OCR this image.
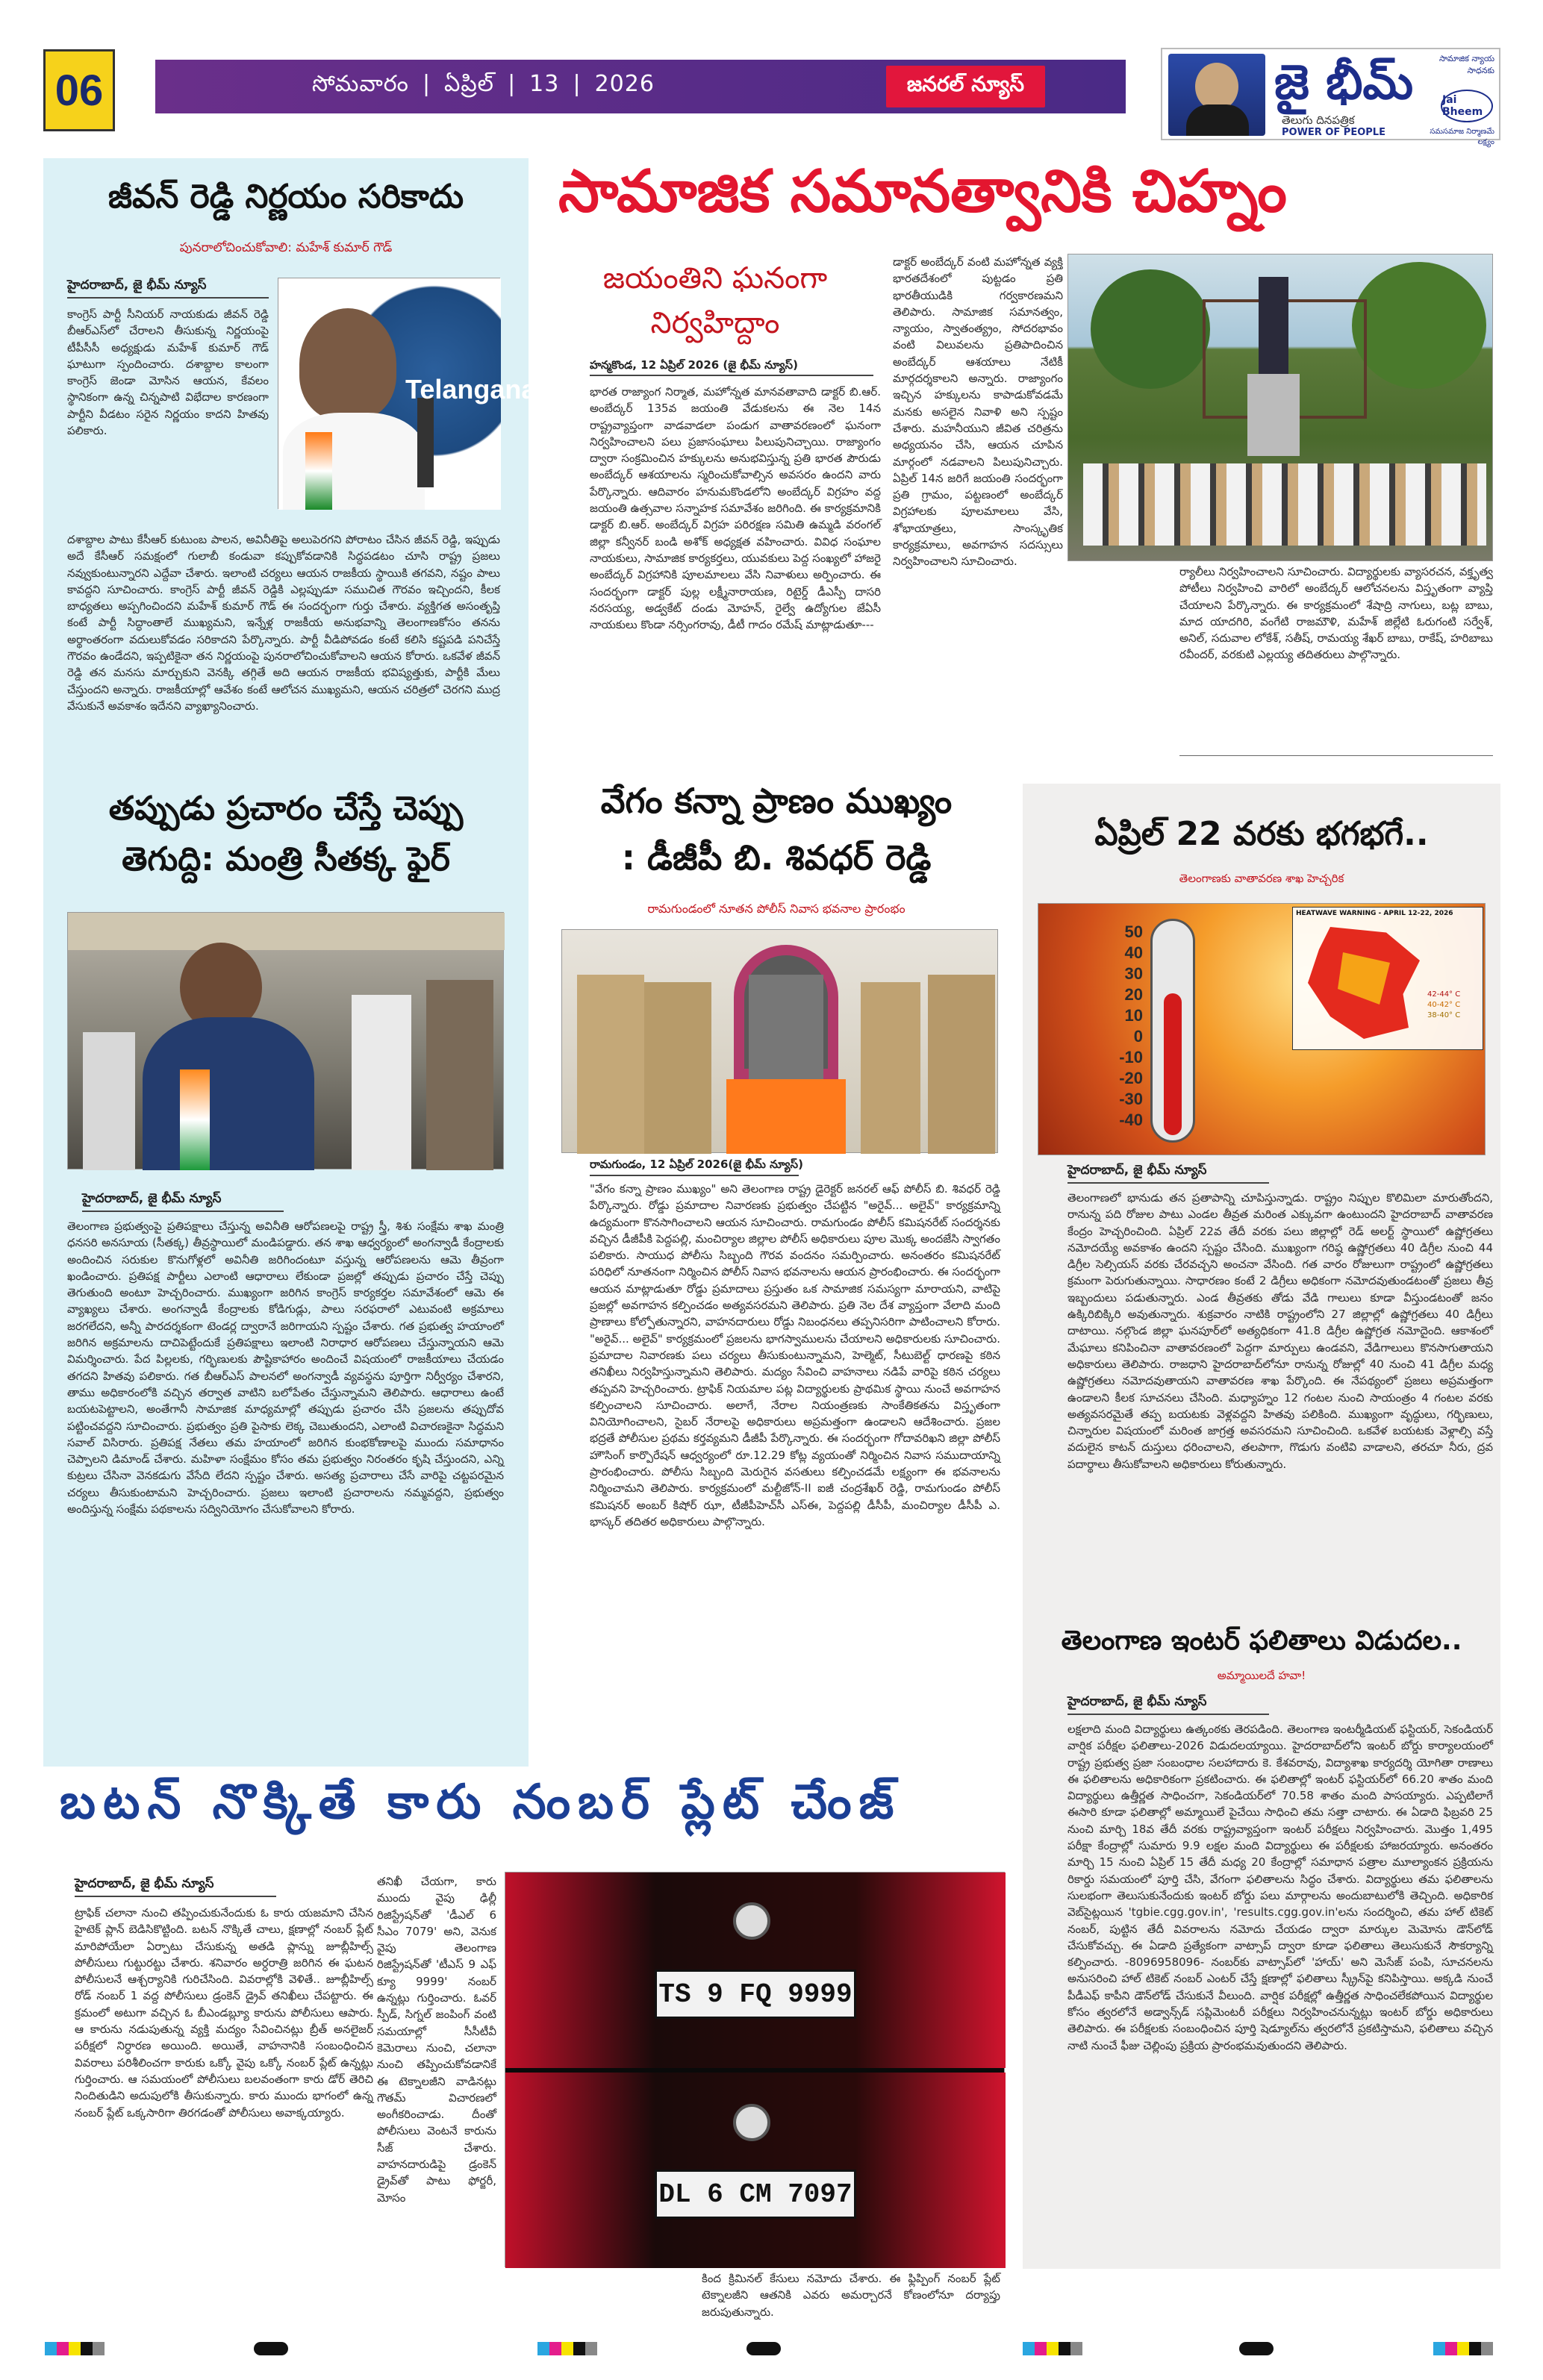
06	సోమవారం ❘ ఏప్రిల్ ❘ 13 ❘ 2026	జనరల్ న్యూస్	జై భీమ్
తెలుగు దినపత్రిక
POWER OF PEOPLE
సామాజిక న్యాయ సాధనకు
Jai Bheem
సమసమాజ నిర్మాణమే లక్ష్యం
జీవన్ రెడ్డి నిర్ణయం సరికాదు
పునరాలోచించుకోవాలి: మహేశ్ కుమార్ గౌడ్
హైదరాబాద్, జై భీమ్ న్యూస్
కాంగ్రెస్ పార్టీ సీనియర్ నాయకుడు జీవన్ రెడ్డి బీఆర్ఎస్‌లో చేరాలని తీసుకున్న నిర్ణయంపై టీపీసీసీ అధ్యక్షుడు మహేశ్ కుమార్ గౌడ్ ఘాటుగా స్పందించారు. దశాబ్దాల కాలంగా కాంగ్రెస్ జెండా మోసిన ఆయన, కేవలం స్థానికంగా ఉన్న చిన్నపాటి విభేదాల కారణంగా పార్టీని వీడటం సరైన నిర్ణయం కాదని హితవు పలికారు.
Telangana
దశాబ్దాల పాటు కేసీఆర్ కుటుంబ పాలన, అవినీతిపై అలుపెరగని పోరాటం చేసిన జీవన్ రెడ్డి, ఇప్పుడు అదే కేసీఆర్ సమక్షంలో గులాబీ కండువా కప్పుకోవడానికి సిద్ధపడటం చూసి రాష్ట్ర ప్రజలు నవ్వుకుంటున్నారని ఎద్దేవా చేశారు. ఇలాంటి చర్యలు ఆయన రాజకీయ స్థాయికి తగవని, నష్టం పాలు కావద్దని సూచించారు. కాంగ్రెస్ పార్టీ జీవన్ రెడ్డికి ఎల్లప్పుడూ సముచిత గౌరవం ఇచ్చిందని, కీలక బాధ్యతలు అప్పగించిందని మహేశ్ కుమార్ గౌడ్ ఈ సందర్భంగా గుర్తు చేశారు. వ్యక్తిగత అసంతృప్తి కంటే పార్టీ సిద్ధాంతాలే ముఖ్యమని, ఇన్నేళ్ల రాజకీయ అనుభవాన్ని తెలంగాణకోసం తనను అర్థాంతరంగా వదులుకోవడం సరికాదని పేర్కొన్నారు. పార్టీ వీడిపోవడం కంటే కలిసి కష్టపడి పనిచేస్తే గౌరవం ఉండేదని, ఇప్పటికైనా తన నిర్ణయంపై పునరాలోచించుకోవాలని ఆయన కోరారు. ఒకవేళ జీవన్ రెడ్డి తన మనసు మార్చుకుని వెనక్కి తగ్గితే అది ఆయన రాజకీయ భవిష్యత్తుకు, పార్టీకి మేలు చేస్తుందని అన్నారు. రాజకీయాల్లో ఆవేశం కంటే ఆలోచన ముఖ్యమని, ఆయన చరిత్రలో చెరగని ముద్ర వేసుకునే అవకాశం ఇదేనని వ్యాఖ్యానించారు.
తప్పుడు ప్రచారం చేస్తే చెప్పు
తెగుద్ది: మంత్రి సీతక్క ఫైర్
హైదరాబాద్, జై భీమ్ న్యూస్
తెలంగాణ ప్రభుత్వంపై ప్రతిపక్షాలు చేస్తున్న అవినీతి ఆరోపణలపై రాష్ట్ర స్త్రీ, శిశు సంక్షేమ శాఖ మంత్రి ధనసరి అనసూయ (సీతక్క) తీవ్రస్థాయిలో మండిపడ్డారు. తన శాఖ ఆధ్వర్యంలో అంగన్వాడీ కేంద్రాలకు అందించిన సరుకుల కొనుగోళ్లలో అవినీతి జరిగిందంటూ వస్తున్న ఆరోపణలను ఆమె తీవ్రంగా ఖండించారు. ప్రతిపక్ష పార్టీలు ఎలాంటి ఆధారాలు లేకుండా ప్రజల్లో తప్పుడు ప్రచారం చేస్తే చెప్పు తెగుతుంది అంటూ హెచ్చరించారు. ముఖ్యంగా జరిగిన కాంగ్రెస్ కార్యకర్తల సమావేశంలో ఆమె ఈ వ్యాఖ్యలు చేశారు. అంగన్వాడీ కేంద్రాలకు కోడిగుడ్లు, పాలు సరఫరాలో ఎటువంటి అక్రమాలు జరగలేదని, అన్నీ పారదర్శకంగా టెండర్ల ద్వారానే జరిగాయని స్పష్టం చేశారు. గత ప్రభుత్వ హయాంలో జరిగిన అక్రమాలను దాచిపెట్టేందుకే ప్రతిపక్షాలు ఇలాంటి నిరాధార ఆరోపణలు చేస్తున్నాయని ఆమె విమర్శించారు. పేద పిల్లలకు, గర్భిణులకు పౌష్టికాహారం అందించే విషయంలో రాజకీయాలు చేయడం తగదని హితవు పలికారు. గత బీఆర్ఎస్ పాలనలో అంగన్వాడీ వ్యవస్థను పూర్తిగా నిర్వీర్యం చేశారని, తాము అధికారంలోకి వచ్చిన తర్వాత వాటిని బలోపేతం చేస్తున్నామని తెలిపారు. ఆధారాలు ఉంటే బయటపెట్టాలని, అంతేగానీ సామాజిక మాధ్యమాల్లో తప్పుడు ప్రచారం చేసి ప్రజలను తప్పుదోవ పట్టించవద్దని సూచించారు. ప్రభుత్వం ప్రతి పైసాకు లెక్క చెబుతుందని, ఎలాంటి విచారణకైనా సిద్ధమని సవాల్ విసిరారు. ప్రతిపక్ష నేతలు తమ హయాంలో జరిగిన కుంభకోణాలపై ముందు సమాధానం చెప్పాలని డిమాండ్ చేశారు. మహిళా సంక్షేమం కోసం తమ ప్రభుత్వం నిరంతరం కృషి చేస్తుందని, ఎన్ని కుట్రలు చేసినా వెనకడుగు వేసేది లేదని స్పష్టం చేశారు. అసత్య ప్రచారాలు చేసే వారిపై చట్టపరమైన చర్యలు తీసుకుంటామని హెచ్చరించారు. ప్రజలు ఇలాంటి ప్రచారాలను నమ్మవద్దని, ప్రభుత్వం అందిస్తున్న సంక్షేమ పథకాలను సద్వినియోగం చేసుకోవాలని కోరారు.
సామాజిక సమానత్వానికి చిహ్నం
జయంతిని ఘనంగా
నిర్వహిద్దాం
హన్మకొండ, 12 ఏప్రిల్ 2026 (జై భీమ్ న్యూస్)
భారత రాజ్యాంగ నిర్మాత, మహోన్నత మానవతావాది డాక్టర్ బి.ఆర్. అంబేద్కర్ 135వ జయంతి వేడుకలను ఈ నెల 14న రాష్ట్రవ్యాప్తంగా వాడవాడలా పండుగ వాతావరణంలో ఘనంగా నిర్వహించాలని పలు ప్రజాసంఘాలు పిలుపునిచ్చాయి. రాజ్యాంగం ద్వారా సంక్రమించిన హక్కులను అనుభవిస్తున్న ప్రతి భారత పౌరుడు అంబేద్కర్ ఆశయాలను స్మరించుకోవాల్సిన అవసరం ఉందని వారు పేర్కొన్నారు. ఆదివారం హనుమకొండలోని అంబేద్కర్ విగ్రహం వద్ద జయంతి ఉత్సవాల సన్నాహక సమావేశం జరిగింది. ఈ కార్యక్రమానికి డాక్టర్ బి.ఆర్. అంబేద్కర్ విగ్రహ పరిరక్షణ సమితి ఉమ్మడి వరంగల్ జిల్లా కన్వీనర్ బండి అశోక్ అధ్యక్షత వహించారు. వివిధ సంఘాల నాయకులు, సామాజిక కార్యకర్తలు, యువకులు పెద్ద సంఖ్యలో హాజరై అంబేద్కర్ విగ్రహానికి పూలమాలలు వేసి నివాళులు అర్పించారు. ఈ సందర్భంగా డాక్టర్ పుల్ల లక్ష్మీనారాయణ, రిటైర్డ్ డీఎస్పీ దాసరి నరసయ్య, అడ్వకేట్ దండు మోహన్, రైల్వే ఉద్యోగుల జేఏసీ నాయకులు కొండా నర్సింగరావు, డీటీ గాదం రమేష్ మాట్లాడుతూ---
డాక్టర్ అంబేద్కర్ వంటి మహోన్నత వ్యక్తి భారతదేశంలో పుట్టడం ప్రతి భారతీయుడికి గర్వకారణమని తెలిపారు. సామాజిక సమానత్వం, న్యాయం, స్వాతంత్య్రం, సోదరభావం వంటి విలువలను ప్రతిపాదించిన అంబేద్కర్ ఆశయాలు నేటికీ మార్గదర్శకాలని అన్నారు. రాజ్యాంగం ఇచ్చిన హక్కులను కాపాడుకోవడమే మనకు అసలైన నివాళి అని స్పష్టం చేశారు. మహనీయుని జీవిత చరిత్రను అధ్యయనం చేసి, ఆయన చూపిన మార్గంలో నడవాలని పిలుపునిచ్చారు. ఏప్రిల్ 14న జరిగే జయంతి సందర్భంగా ప్రతి గ్రామం, పట్టణంలో అంబేద్కర్ విగ్రహాలకు పూలమాలలు వేసి, శోభాయాత్రలు, సాంస్కృతిక కార్యక్రమాలు, అవగాహన సదస్సులు నిర్వహించాలని సూచించారు.
ర్యాలీలు నిర్వహించాలని సూచించారు. విద్యార్థులకు వ్యాసరచన, వక్తృత్వ పోటీలు నిర్వహించి వారిలో అంబేద్కర్ ఆలోచనలను విస్తృతంగా వ్యాప్తి చేయాలని పేర్కొన్నారు. ఈ కార్యక్రమంలో శేషాద్రి నాగులు, బట్ల బాబు, మాద యాదగిరి, వంగేటి రాజమౌళి, మహేశ్ జిల్లేటి ఓరుగంటి సర్వేశ్, అనిల్, సదువాల లోకేశ్, సతీష్, రామయ్య శేఖర్ బాబు, రాకేష్, హరిబాబు రవీందర్, వరకుటి ఎల్లయ్య తదితరులు పాల్గొన్నారు.
వేగం కన్నా ప్రాణం ముఖ్యం
: డీజీపీ బి. శివధర్ రెడ్డి
రామగుండంలో నూతన పోలీస్ నివాస భవనాల ప్రారంభం
రామగుండం, 12 ఏప్రిల్ 2026(జై భీమ్ న్యూస్)
"వేగం కన్నా ప్రాణం ముఖ్యం" అని తెలంగాణ రాష్ట్ర డైరెక్టర్ జనరల్ ఆఫ్ పోలీస్ బి. శివధర్ రెడ్డి పేర్కొన్నారు. రోడ్డు ప్రమాదాల నివారణకు ప్రభుత్వం చేపట్టిన "అరైవ్... అలైవ్" కార్యక్రమాన్ని ఉద్యమంగా కొనసాగించాలని ఆయన సూచించారు. రామగుండం పోలీస్ కమిషనరేట్ సందర్శనకు వచ్చిన డీజీపీకి పెద్దపల్లి, మంచిర్యాల జిల్లాల పోలీస్ అధికారులు పూల మొక్క అందజేసి స్వాగతం పలికారు. సాయుధ పోలీసు సిబ్బంది గౌరవ వందనం సమర్పించారు. అనంతరం కమిషనరేట్ పరిధిలో నూతనంగా నిర్మించిన పోలీస్ నివాస భవనాలను ఆయన ప్రారంభించారు. ఈ సందర్భంగా ఆయన మాట్లాడుతూ రోడ్డు ప్రమాదాలు ప్రస్తుతం ఒక సామాజిక సమస్యగా మారాయని, వాటిపై ప్రజల్లో అవగాహన కల్పించడం అత్యవసరమని తెలిపారు. ప్రతి నెల దేశ వ్యాప్తంగా వేలాది మంది ప్రాణాలు కోల్పోతున్నారని, వాహనదారులు రోడ్డు నిబంధనలు తప్పనిసరిగా పాటించాలని కోరారు. "అరైవ్... అలైవ్" కార్యక్రమంలో ప్రజలను భాగస్వాములను చేయాలని అధికారులకు సూచించారు. ప్రమాదాల నివారణకు పలు చర్యలు తీసుకుంటున్నామని, హెల్మెట్, సీటుబెల్ట్ ధారణపై కఠిన తనిఖీలు నిర్వహిస్తున్నామని తెలిపారు. మద్యం సేవించి వాహనాలు నడిపే వారిపై కఠిన చర్యలు తప్పవని హెచ్చరించారు. ట్రాఫిక్ నియమాల పట్ల విద్యార్థులకు ప్రాథమిక స్థాయి నుంచే అవగాహన కల్పించాలని సూచించారు. అలాగే, నేరాల నియంత్రణకు సాంకేతికతను విస్తృతంగా వినియోగించాలని, సైబర్ నేరాలపై అధికారులు అప్రమత్తంగా ఉండాలని ఆదేశించారు. ప్రజల భద్రతే పోలీసుల ప్రథమ కర్తవ్యమని డీజీపీ పేర్కొన్నారు. ఈ సందర్భంగా గోదావరిఖని జిల్లా పోలీస్ హౌసింగ్ కార్పొరేషన్ ఆధ్వర్యంలో రూ.12.29 కోట్ల వ్యయంతో నిర్మించిన నివాస సముదాయాన్ని ప్రారంభించారు. పోలీసు సిబ్బంది మెరుగైన వసతులు కల్పించడమే లక్ష్యంగా ఈ భవనాలను నిర్మించామని తెలిపారు. కార్యక్రమంలో మల్టీజోన్-II ఐజీ చంద్రశేఖర్ రెడ్డి, రామగుండం పోలీస్ కమిషనర్ అంబర్ కిషోర్ ఝా, టీజీపీహెచ్‌సీ ఎస్‌ఈ, పెద్దపల్లి డీసీపీ, మంచిర్యాల డీసీపీ ఎ. భాస్కర్ తదితర అధికారులు పాల్గొన్నారు.
ఏప్రిల్ 22 వరకు భగభగే..
తెలంగాణకు వాతావరణ శాఖ హెచ్చరిక
50
40
30
20
10
0
-10
-20
-30
-40
HEATWAVE WARNING - APRIL 12-22, 2026
42-44° C
40-42° C
38-40° C
హైదరాబాద్, జై భీమ్ న్యూస్
తెలంగాణలో భానుడు తన ప్రతాపాన్ని చూపిస్తున్నాడు. రాష్ట్రం నిప్పుల కొలిమిలా మారుతోందని, రానున్న పది రోజుల పాటు ఎండల తీవ్రత మరింత ఎక్కువగా ఉంటుందని హైదరాబాద్ వాతావరణ కేంద్రం హెచ్చరించింది. ఏప్రిల్ 22వ తేదీ వరకు పలు జిల్లాల్లో రెడ్ అలర్ట్ స్థాయిలో ఉష్ణోగ్రతలు నమోదయ్యే అవకాశం ఉందని స్పష్టం చేసింది. ముఖ్యంగా గరిష్ఠ ఉష్ణోగ్రతలు 40 డిగ్రీల నుంచి 44 డిగ్రీల సెల్సియస్ వరకు చేరవచ్చని అంచనా వేసింది. గత వారం రోజులుగా రాష్ట్రంలో ఉష్ణోగ్రతలు క్రమంగా పెరుగుతున్నాయి. సాధారణం కంటే 2 డిగ్రీలు అధికంగా నమోదవుతుండటంతో ప్రజలు తీవ్ర ఇబ్బందులు పడుతున్నారు. ఎండ తీవ్రతకు తోడు వేడి గాలులు కూడా వీస్తుండటంతో జనం ఉక్కిరిబిక్కిరి అవుతున్నారు. శుక్రవారం నాటికి రాష్ట్రంలోని 27 జిల్లాల్లో ఉష్ణోగ్రతలు 40 డిగ్రీలు దాటాయి. నల్గొండ జిల్లా ఘనపూర్‌లో అత్యధికంగా 41.8 డిగ్రీల ఉష్ణోగ్రత నమోదైంది. ఆకాశంలో మేఘాలు కనిపించినా వాతావరణంలో పెద్దగా మార్పులు ఉండవని, వేడిగాలులు కొనసాగుతాయని అధికారులు తెలిపారు. రాజధాని హైదరాబాద్‌లోనూ రానున్న రోజుల్లో 40 నుంచి 41 డిగ్రీల మధ్య ఉష్ణోగ్రతలు నమోదవుతాయని వాతావరణ శాఖ పేర్కొంది. ఈ నేపథ్యంలో ప్రజలు అప్రమత్తంగా ఉండాలని కీలక సూచనలు చేసింది. మధ్యాహ్నం 12 గంటల నుంచి సాయంత్రం 4 గంటల వరకు అత్యవసరమైతే తప్ప బయటకు వెళ్లవద్దని హితవు పలికింది. ముఖ్యంగా వృద్ధులు, గర్భిణులు, చిన్నారుల విషయంలో మరింత జాగ్రత్త అవసరమని సూచించింది. ఒకవేళ బయటకు వెళ్లాల్సి వస్తే వదులైన కాటన్ దుస్తులు ధరించాలని, తలపాగా, గొడుగు వంటివి వాడాలని, తరచూ నీరు, ద్రవ పదార్థాలు తీసుకోవాలని అధికారులు కోరుతున్నారు.
తెలంగాణ ఇంటర్ ఫలితాలు విడుదల..
అమ్మాయిలదే హవా!
హైదరాబాద్, జై భీమ్ న్యూస్
లక్షలాది మంది విద్యార్థులు ఉత్కంఠకు తెరపడింది. తెలంగాణ ఇంటర్మీడియట్ ఫస్టియర్, సెకండియర్ వార్షిక పరీక్షల ఫలితాలు-2026 విడుదలయ్యాయి. హైదరాబాద్‌లోని ఇంటర్ బోర్డు కార్యాలయంలో రాష్ట్ర ప్రభుత్వ ప్రజా సంబంధాల సలహాదారు కె. కేశవరావు, విద్యాశాఖ కార్యదర్శి యోగితా రాణాలు ఈ ఫలితాలను అధికారికంగా ప్రకటించారు. ఈ ఫలితాల్లో ఇంటర్ ఫస్టియర్‌లో 66.20 శాతం మంది విద్యార్థులు ఉత్తీర్ణత సాధించగా, సెకండియర్‌లో 70.58 శాతం మంది పాసయ్యారు. ఎప్పటిలాగే ఈసారి కూడా ఫలితాల్లో అమ్మాయిలే పైచేయి సాధించి తమ సత్తా చాటారు. ఈ ఏడాది ఫిబ్రవరి 25 నుంచి మార్చి 18వ తేదీ వరకు రాష్ట్రవ్యాప్తంగా ఇంటర్ పరీక్షలు నిర్వహించారు. మొత్తం 1,495 పరీక్షా కేంద్రాల్లో సుమారు 9.9 లక్షల మంది విద్యార్థులు ఈ పరీక్షలకు హాజరయ్యారు. అనంతరం మార్చి 15 నుంచి ఏప్రిల్ 15 తేదీ మధ్య 20 కేంద్రాల్లో సమాధాన పత్రాల మూల్యాంకన ప్రక్రియను రికార్డు సమయంలో పూర్తి చేసి, వేగంగా ఫలితాలను సిద్ధం చేశారు. విద్యార్థులు తమ ఫలితాలను సులభంగా తెలుసుకునేందుకు ఇంటర్ బోర్డు పలు మార్గాలను అందుబాటులోకి తెచ్చింది. అధికారిక వెబ్‌సైట్లయిన 'tgbie.cgg.gov.in', 'results.cgg.gov.in'లను సందర్శించి, తమ హాల్ టికెట్ నంబర్, పుట్టిన తేదీ వివరాలను నమోదు చేయడం ద్వారా మార్కుల మెమోను డౌన్‌లోడ్ చేసుకోవచ్చు. ఈ ఏడాది ప్రత్యేకంగా వాట్సాప్ ద్వారా కూడా ఫలితాలు తెలుసుకునే సౌకర్యాన్ని కల్పించారు. -8096958096- నంబర్‌కు వాట్సాప్‌లో 'హాయ్' అని మెసేజ్ పంపి, సూచనలను అనుసరించి హాల్ టికెట్ నంబర్ ఎంటర్ చేస్తే క్షణాల్లో ఫలితాలు స్క్రీన్‌పై కనిపిస్తాయి. అక్కడి నుంచే పీడీఎఫ్ కాపీని డౌన్‌లోడ్ చేసుకునే వీలుంది. వార్షిక పరీక్షల్లో ఉత్తీర్ణత సాధించలేకపోయిన విద్యార్థుల కోసం త్వరలోనే అడ్వాన్స్‌డ్ సప్లిమెంటరీ పరీక్షలు నిర్వహించనున్నట్లు ఇంటర్ బోర్డు అధికారులు తెలిపారు. ఈ పరీక్షలకు సంబంధించిన పూర్తి షెడ్యూల్‌ను త్వరలోనే ప్రకటిస్తామని, ఫలితాలు వచ్చిన నాటి నుంచే ఫీజు చెల్లింపు ప్రక్రియ ప్రారంభమవుతుందని తెలిపారు.
బటన్ నొక్కితే కారు నంబర్ ప్లేట్ చేంజ్
హైదరాబాద్, జై భీమ్ న్యూస్
ట్రాఫిక్ చలానా నుంచి తప్పించుకునేందుకు ఓ కారు యజమాని చేసిన హైటెక్ ప్లాన్ బెడిసికొట్టింది. బటన్ నొక్కితే చాలు, క్షణాల్లో నంబర్ ప్లేట్ మారిపోయేలా ఏర్పాటు చేసుకున్న అతడి ప్లాన్ను జూబ్లీహిల్స్ పోలీసులు గుట్టురట్టు చేశారు. శనివారం అర్ధరాత్రి జరిగిన ఈ ఘటన పోలీసులనే ఆశ్చర్యానికి గురిచేసింది. వివరాల్లోకి వెళితే.. జూబ్లీహిల్స్ రోడ్ నంబర్ 1 వద్ద పోలీసులు డ్రంకెన్ డ్రైవ్ తనిఖీలు చేపట్టారు. ఈ క్రమంలో అటుగా వచ్చిన ఓ బీఎండబ్ల్యూ కారును పోలీసులు ఆపారు. ఆ కారును నడుపుతున్న వ్యక్తి మద్యం సేవించినట్లు బ్రీత్ అనలైజర్ పరీక్షలో నిర్ధారణ అయింది. అయితే, వాహనానికి సంబంధించిన వివరాలు పరిశీలించగా కారుకు ఒక్కో వైపు ఒక్కో నంబర్ ప్లేట్ ఉన్నట్లు గుర్తించారు. ఆ సమయంలో పోలీసులు బలవంతంగా కారు డోర్ తెరిచి నిందితుడిని అదుపులోకి తీసుకున్నారు. కారు ముందు భాగంలో ఉన్న నంబర్ ప్లేట్ ఒక్కసారిగా తిరగడంతో పోలీసులు అవాక్కయ్యారు.
తనిఖీ చేయగా, కారు ముందు వైపు ఢిల్లీ రిజిస్ట్రేషన్‌తో 'డీఎల్ 6 సీఎం 7079' అని, వెనుక వైపు తెలంగాణ రిజిస్ట్రేషన్‌తో 'టీఎస్ 9 ఎఫ్ క్యూ 9999' నంబర్ ఉన్నట్లు గుర్తించారు. ఓవర్ స్పీడ్, సిగ్నల్ జంపింగ్ వంటి సమయాల్లో సీసీటీవీ కెమెరాలు నుంచి, చలానా నుంచి తప్పించుకోవడానికే ఈ టెక్నాలజీని వాడినట్లు గౌతమ్ విచారణలో అంగీకరించాడు. దీంతో పోలీసులు వెంటనే కారును సీజ్ చేశారు. వాహనదారుడిపై డ్రంకెన్ డ్రైవ్‌తో పాటు ఫోర్జరీ, మోసం
TS 9 FQ 9999
DL 6 CM 7097
కింద క్రిమినల్ కేసులు నమోదు చేశారు. ఈ ఫ్లిప్పింగ్ నంబర్ ప్లేట్ టెక్నాలజీని ఆతనికి ఎవరు అమర్చారనే కోణంలోనూ దర్యాప్తు జరుపుతున్నారు.
